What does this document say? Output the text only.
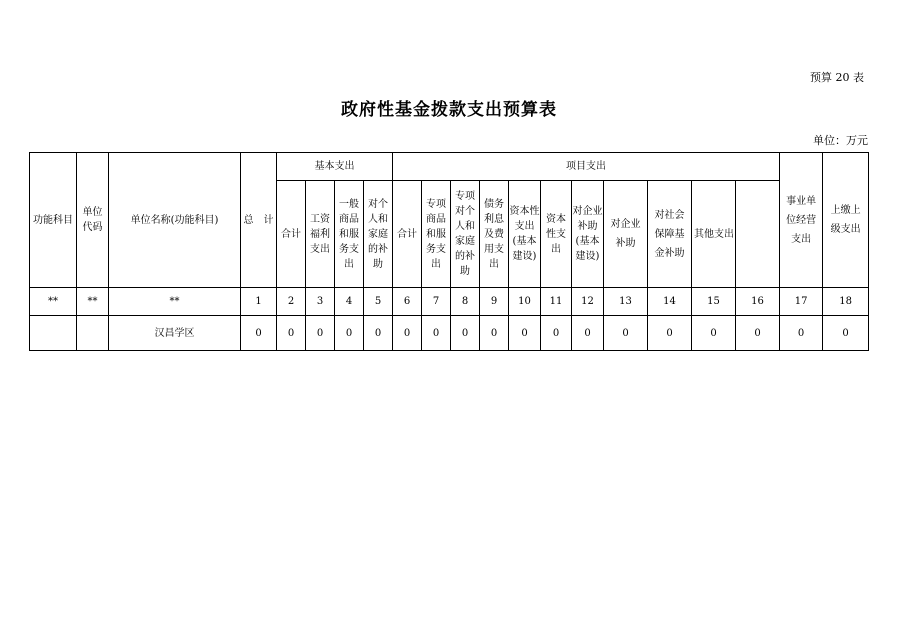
预算 20 表
政府性基金拨款支出预算表
单位：万元
功能科目	单位代码	单位名称(功能科目)	总　计	基本支出				项目支出											事业单位经营支出	上缴上级支出

				合计	工资福利支出	一般商品和服务支出	对个人和家庭的补助	合计	专项商品和服务支出	专项对个人和家庭的补助	债务利息及费用支出	资本性支出(基本建设)	资本性支出	对企业补助(基本建设)	对企业补助	对社会保障基金补助	其他支出				

**	**	**	1	2	3	4	5	6	7	8	9	10	11	12	13	14	15	16	17	18	
		汉昌学区	0	0	0	0	0	0	0	0	0	0	0	0	0	0	0	0	0	0	
